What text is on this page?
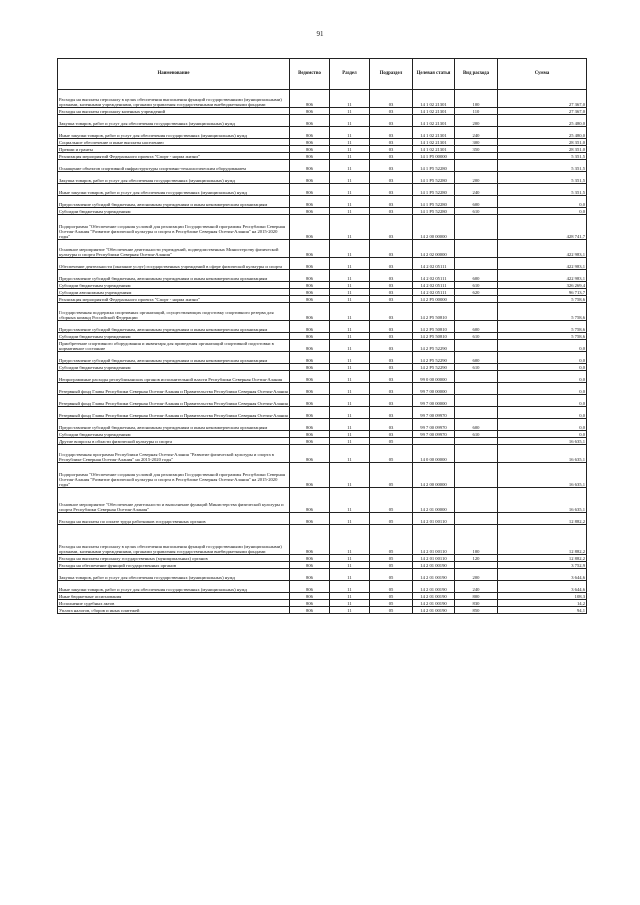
91
Наименование	Ведомство	Раздел	Подраздел	Целевая статья	Вид расхода	Сумма
Расходы на выплаты персоналу в целях обеспечения выполнения функций государственными (муниципальными) органами, казенными учреждениями, органами управления государственными внебюджетными фондами	806	11	03	14 1 02 21301	100	27 367,0
Расходы на выплаты персоналу казенных учреждений	806	11	03	14 1 02 21301	110	27 367,0
Закупка товаров, работ и услуг для обеспечения государственных (муниципальных) нужд	806	11	03	14 1 02 21301	200	25 480,0
Иные закупки товаров, работ и услуг для обеспечения государственных (муниципальных) нужд	806	11	03	14 1 02 21301	240	25 480,0
Социальное обеспечение и иные выплаты населению	806	11	03	14 1 02 21301	300	28 351,0
Премии и гранты	806	11	03	14 1 02 21301	350	28 351,0
Реализация мероприятий Федерального проекта "Спорт - норма жизни"	806	11	03	14 1 P5 00000		5 351,5
Оснащение объектов спортивной инфраструктуры спортивно-технологическим оборудованием	806	11	03	14 1 P5 52280		5 351,5
Закупка товаров, работ и услуг для обеспечения государственных (муниципальных) нужд	806	11	03	14 1 P5 52280	200	5 351,5
Иные закупки товаров, работ и услуг для обеспечения государственных (муниципальных) нужд	806	11	03	14 1 P5 52280	240	5 351,5
Предоставление субсидий бюджетным, автономным учреждениям и иным некоммерческим организациям	806	11	03	14 1 P5 52280	600	0,0
Субсидии бюджетным учреждениям	806	11	03	14 1 P5 52280	610	0,0
Подпрограмма "Обеспечение создания условий для реализации Государственной программы Республики Северная Осетия-Алания "Развитие физической культуры и спорта в Республике Северная Осетия-Алания" на 2015-2020 годы"	806	11	03	14 2 00 00000		428 741,7
Основное мероприятие "Обеспечение деятельности учреждений, подведомственных Министерству физической культуры и спорта Республики Северная Осетия-Алания"	806	11	03	14 2 02 00000		422 983,1
Обеспечение деятельности (оказание услуг) государственных учреждений в сфере физической культуры и спорта	806	11	03	14 2 02 05111		422 983,1
Предоставление субсидий бюджетным, автономным учреждениям и иным некоммерческим организациям	806	11	03	14 2 02 05111	600	422 983,1
Субсидии бюджетным учреждениям	806	11	03	14 2 02 05111	610	326 269,4
Субсидии автономным учреждениям	806	11	03	14 2 02 05111	620	96 713,7
Реализация мероприятий Федерального проекта "Спорт - норма жизни"	806	11	03	14 2 P5 00000		5 758,6
Государственная поддержка спортивных организаций, осуществляющих подготовку спортивного резерва для сборных команд Российской Федерации	806	11	03	14 2 P5 50810		5 758,6
Предоставление субсидий бюджетным, автономным учреждениям и иным некоммерческим организациям	806	11	03	14 2 P5 50810	600	5 758,6
Субсидии бюджетным учреждениям	806	11	03	14 2 P5 50810	610	5 758,6
Приобретение спортивного оборудования и инвентаря для приведения организаций спортивной подготовки в нормативное состояние	806	11	03	14 2 P5 52290		0,0
Предоставление субсидий бюджетным, автономным учреждениям и иным некоммерческим организациям	806	11	03	14 2 P5 52290	600	0,0
Субсидии бюджетным учреждениям	806	11	03	14 2 P5 52290	610	0,0
Непрограммные расходы республиканских органов исполнительной власти Республики Северная Осетия-Алания	806	11	03	99 0 00 00000		0,0
Резервный фонд Главы Республики Северная Осетия-Алания и Правительства Республики Северная Осетия-Алания	806	11	03	99 7 00 00000		0,0
Резервный фонд Главы Республики Северная Осетия-Алания и Правительства Республики Северная Осетия-Алания	806	11	03	99 7 00 00000		0,0
Резервный фонд Главы Республики Северная Осетия-Алания и Правительства Республики Северная Осетия-Алания	806	11	03	99 7 00 09970		0,0
Предоставление субсидий бюджетным, автономным учреждениям и иным некоммерческим организациям	806	11	03	99 7 00 09970	600	0,0
Субсидии бюджетным учреждениям	806	11	03	99 7 00 09970	610	0,0
Другие вопросы в области физической культуры и спорта	806	11	05			16 635,1
Государственная программа Республики Северная Осетия-Алания "Развитие физической культуры и спорта в Республике Северная Осетия-Алания" на 2015-2020 годы"	806	11	05	14 0 00 00000		16 635,1
Подпрограмма "Обеспечение создания условий для реализации Государственной программы Республики Северная Осетия-Алания "Развитие физической культуры и спорта в Республике Северная Осетия-Алания" на 2015-2020 годы"	806	11	05	14 2 00 00000		16 635,1
Основное мероприятие "Обеспечение деятельности и выполнение функций Министерства физической культуры и спорта Республики Северная Осетия-Алания"	806	11	05	14 2 01 00000		16 635,1
Расходы на выплаты по оплате труда работников государственных органов	806	11	05	14 2 01 00110		12 882,2
Расходы на выплаты персоналу в целях обеспечения выполнения функций государственными (муниципальными) органами, казенными учреждениями, органами управления государственными внебюджетными фондами	806	11	05	14 2 01 00110	100	12 882,2
Расходы на выплаты персоналу государственных (муниципальных) органов	806	11	05	14 2 01 00110	120	12 882,2
Расходы на обеспечение функций государственных органов	806	11	05	14 2 01 00190		3 752,9
Закупка товаров, работ и услуг для обеспечения государственных (муниципальных) нужд	806	11	05	14 2 01 00190	200	3 644,6
Иные закупки товаров, работ и услуг для обеспечения государственных (муниципальных) нужд	806	11	05	14 2 01 00190	240	3 644,6
Иные бюджетные ассигнования	806	11	05	14 2 01 00190	800	108,3
Исполнение судебных актов	806	11	05	14 2 01 00190	830	14,2
Уплата налогов, сборов и иных платежей	806	11	05	14 2 01 00190	850	94,1
